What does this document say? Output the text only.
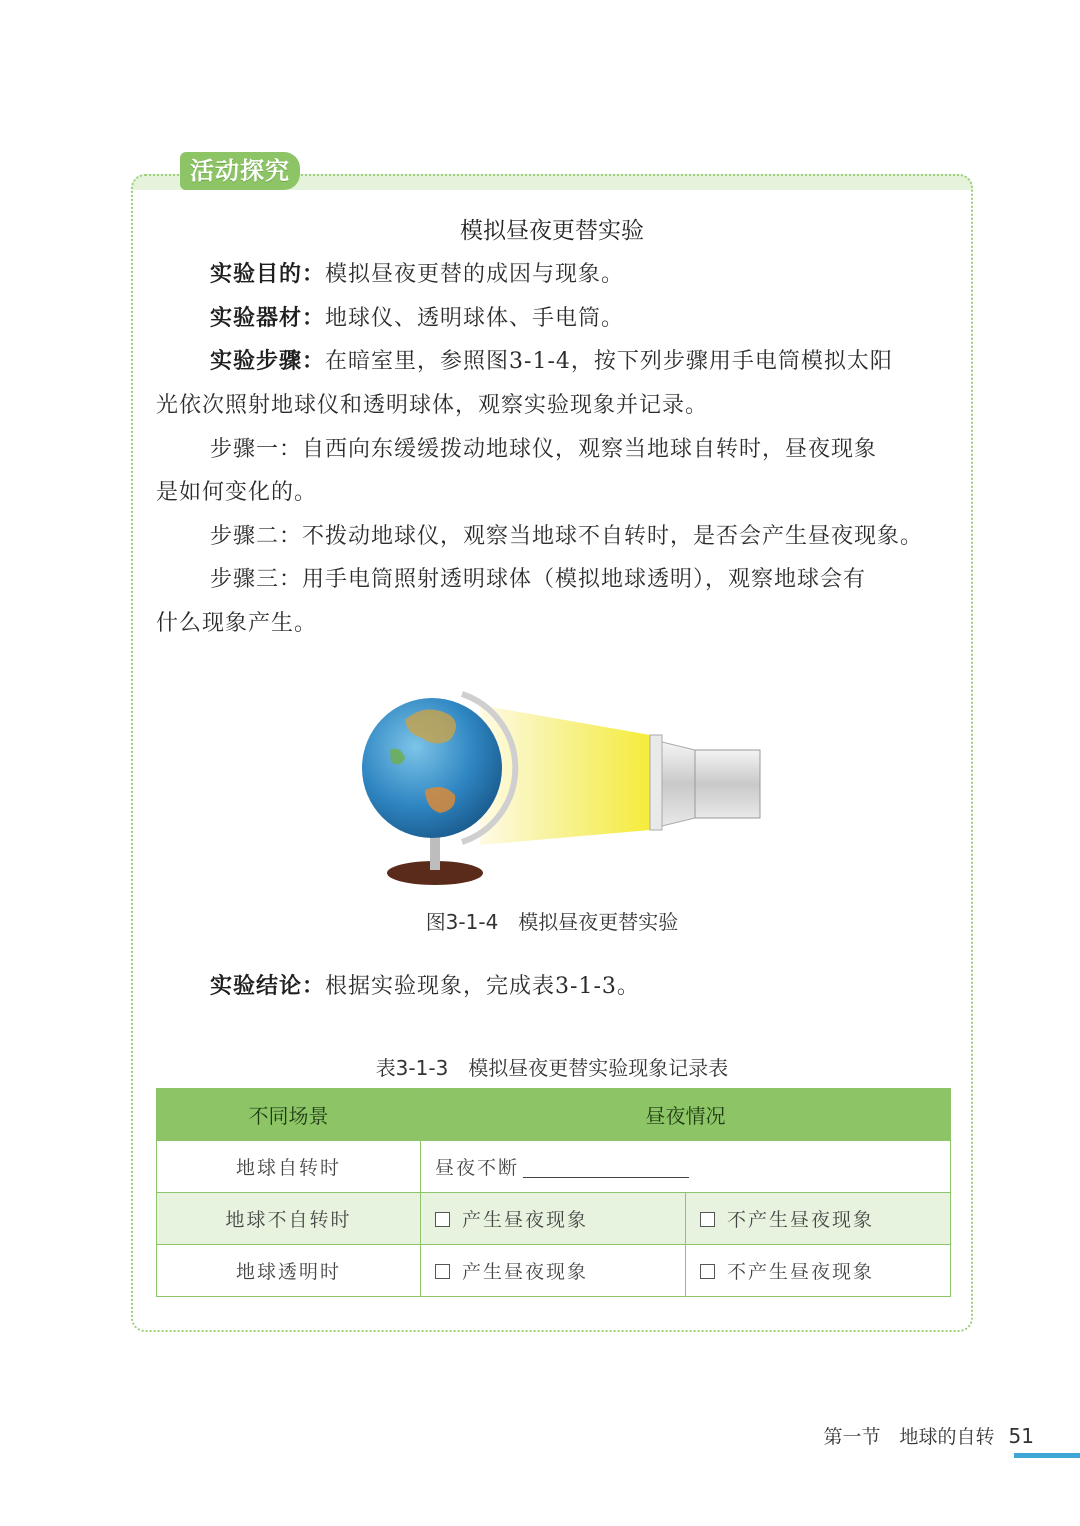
活动探究
模拟昼夜更替实验
实验目的：模拟昼夜更替的成因与现象。
实验器材：地球仪、透明球体、手电筒。
实验步骤：在暗室里，参照图3-1-4，按下列步骤用手电筒模拟太阳
光依次照射地球仪和透明球体，观察实验现象并记录。
步骤一：自西向东缓缓拨动地球仪，观察当地球自转时，昼夜现象
是如何变化的。
步骤二：不拨动地球仪，观察当地球不自转时，是否会产生昼夜现象。
步骤三：用手电筒照射透明球体（模拟地球透明），观察地球会有
什么现象产生。
图3-1-4　模拟昼夜更替实验
实验结论：根据实验现象，完成表3-1-3。
表3-1-3　模拟昼夜更替实验现象记录表
不同场景	昼夜情况	
地球自转时	昼夜不断	
地球不自转时	产生昼夜现象	不产生昼夜现象
地球透明时	产生昼夜现象	不产生昼夜现象
第一节　地球的自转 51
